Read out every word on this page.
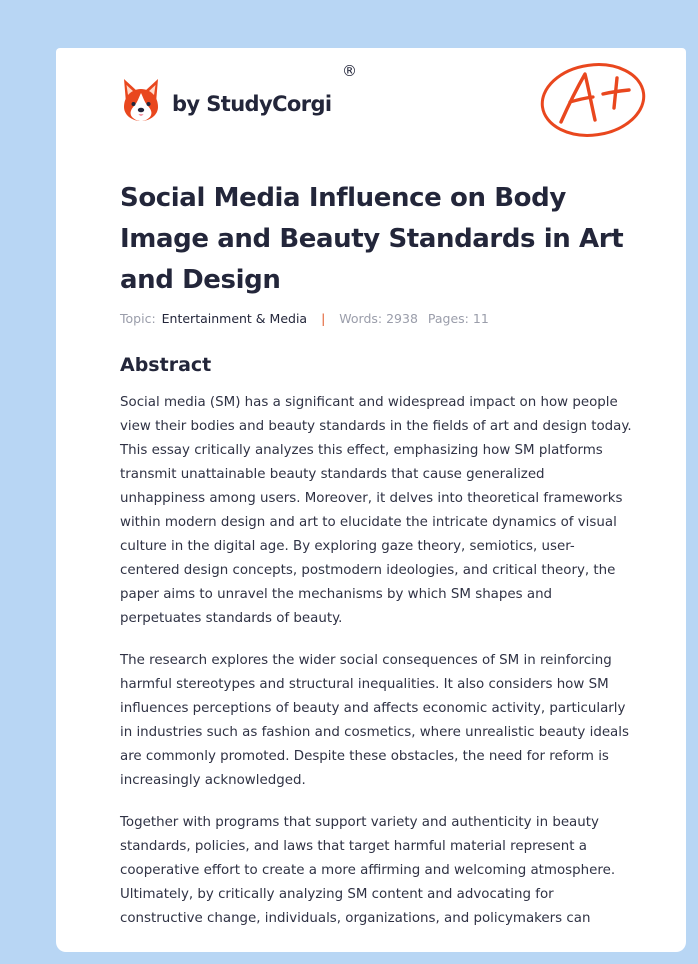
by StudyCorgi
®
Social Media Influence on Body Image and Beauty Standards in Art and Design
Topic: Entertainment & Media | Words: 2938 Pages: 11
Abstract

Social media (SM) has a significant and widespread impact on how people view their bodies and beauty standards in the fields of art and design today. This essay critically analyzes this effect, emphasizing how SM platforms transmit unattainable beauty standards that cause generalized unhappiness among users. Moreover, it delves into theoretical frameworks within modern design and art to elucidate the intricate dynamics of visual culture in the digital age. By exploring gaze theory, semiotics, user-centered design concepts, postmodern ideologies, and critical theory, the paper aims to unravel the mechanisms by which SM shapes and perpetuates standards of beauty.

The research explores the wider social consequences of SM in reinforcing harmful stereotypes and structural inequalities. It also considers how SM influences perceptions of beauty and affects economic activity, particularly in industries such as fashion and cosmetics, where unrealistic beauty ideals are commonly promoted. Despite these obstacles, the need for reform is increasingly acknowledged.

Together with programs that support variety and authenticity in beauty standards, policies, and laws that target harmful material represent a cooperative effort to create a more affirming and welcoming atmosphere. Ultimately, by critically analyzing SM content and advocating for constructive change, individuals, organizations, and policymakers can
